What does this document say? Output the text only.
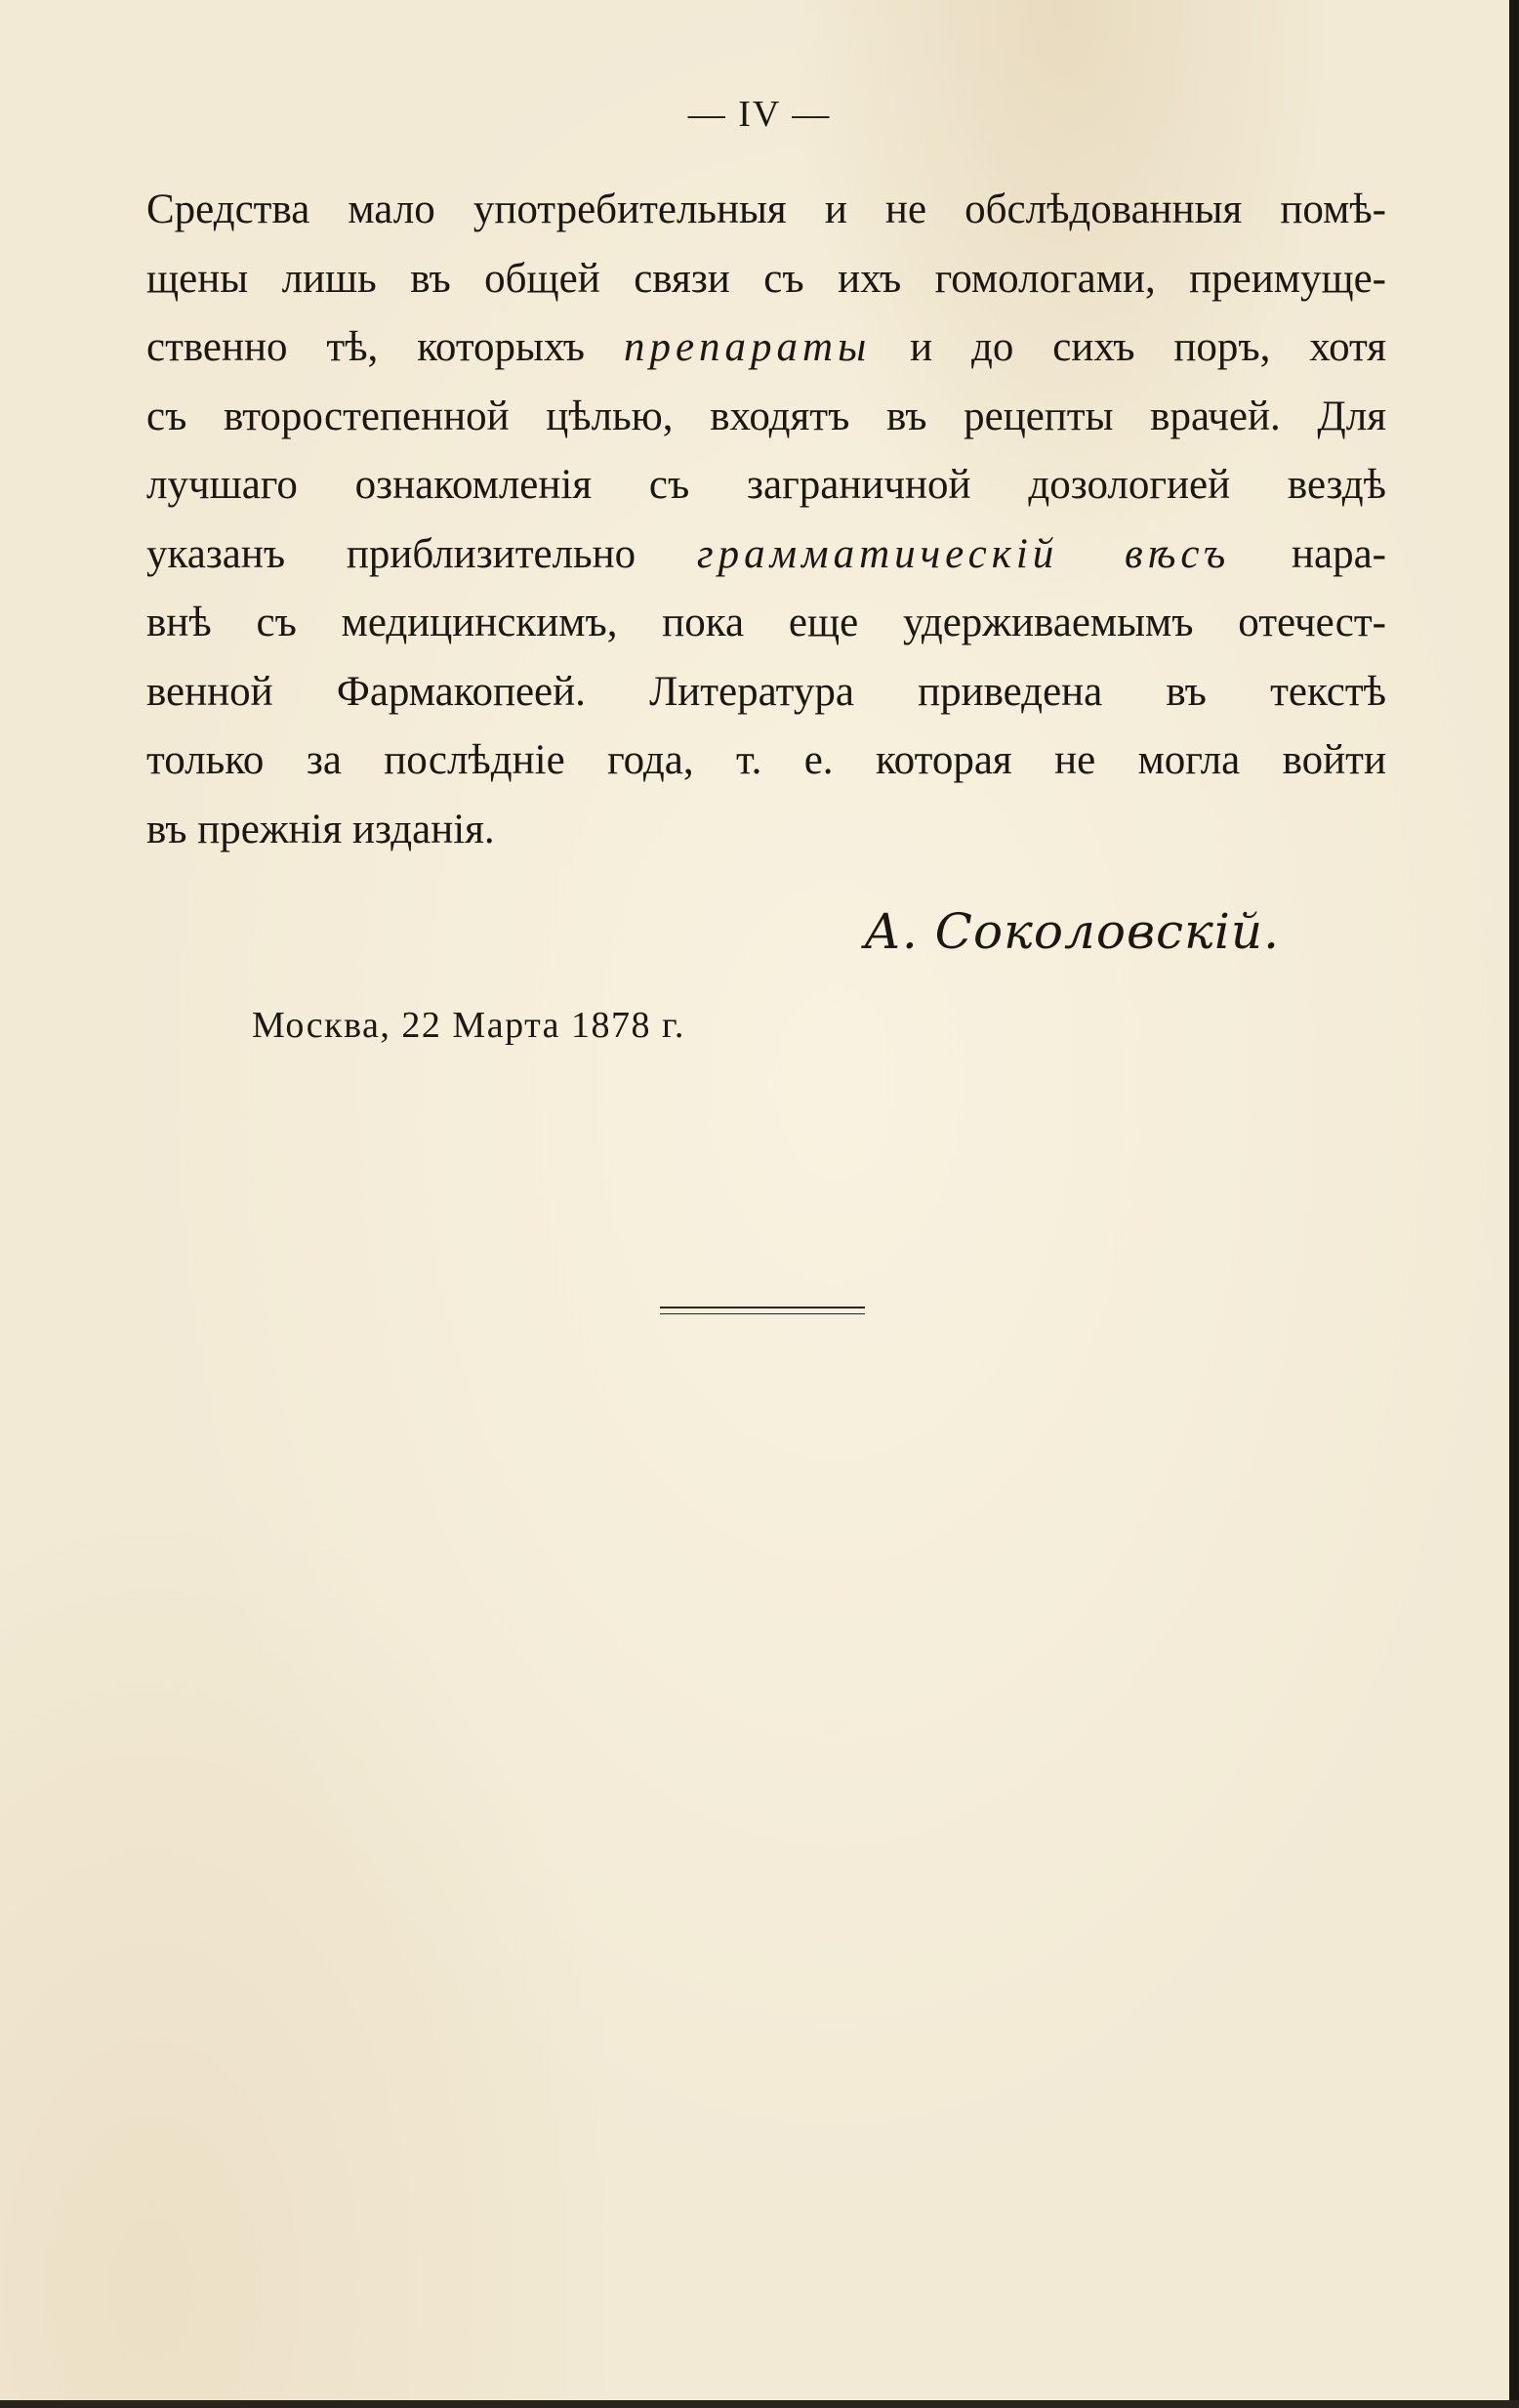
— IV —
Средства мало употребительныя и не обслѣдованныя помѣ-
щены лишь въ общей связи съ ихъ гомологами, преимуще-
ственно тѣ, которыхъ препараты и до сихъ поръ, хотя
съ второстепенной цѣлью, входятъ въ рецепты врачей. Для
лучшаго ознакомленія съ заграничной дозологией вездѣ
указанъ приблизительно грамматическій вѣсъ нара-
внѣ съ медицинскимъ, пока еще удерживаемымъ отечест-
венной Фармакопеей. Литература приведена въ текстѣ
только за послѣдніе года, т. е. которая не могла войти
въ прежнія изданія.
А. Соколовскій.
Москва, 22 Марта 1878 г.
